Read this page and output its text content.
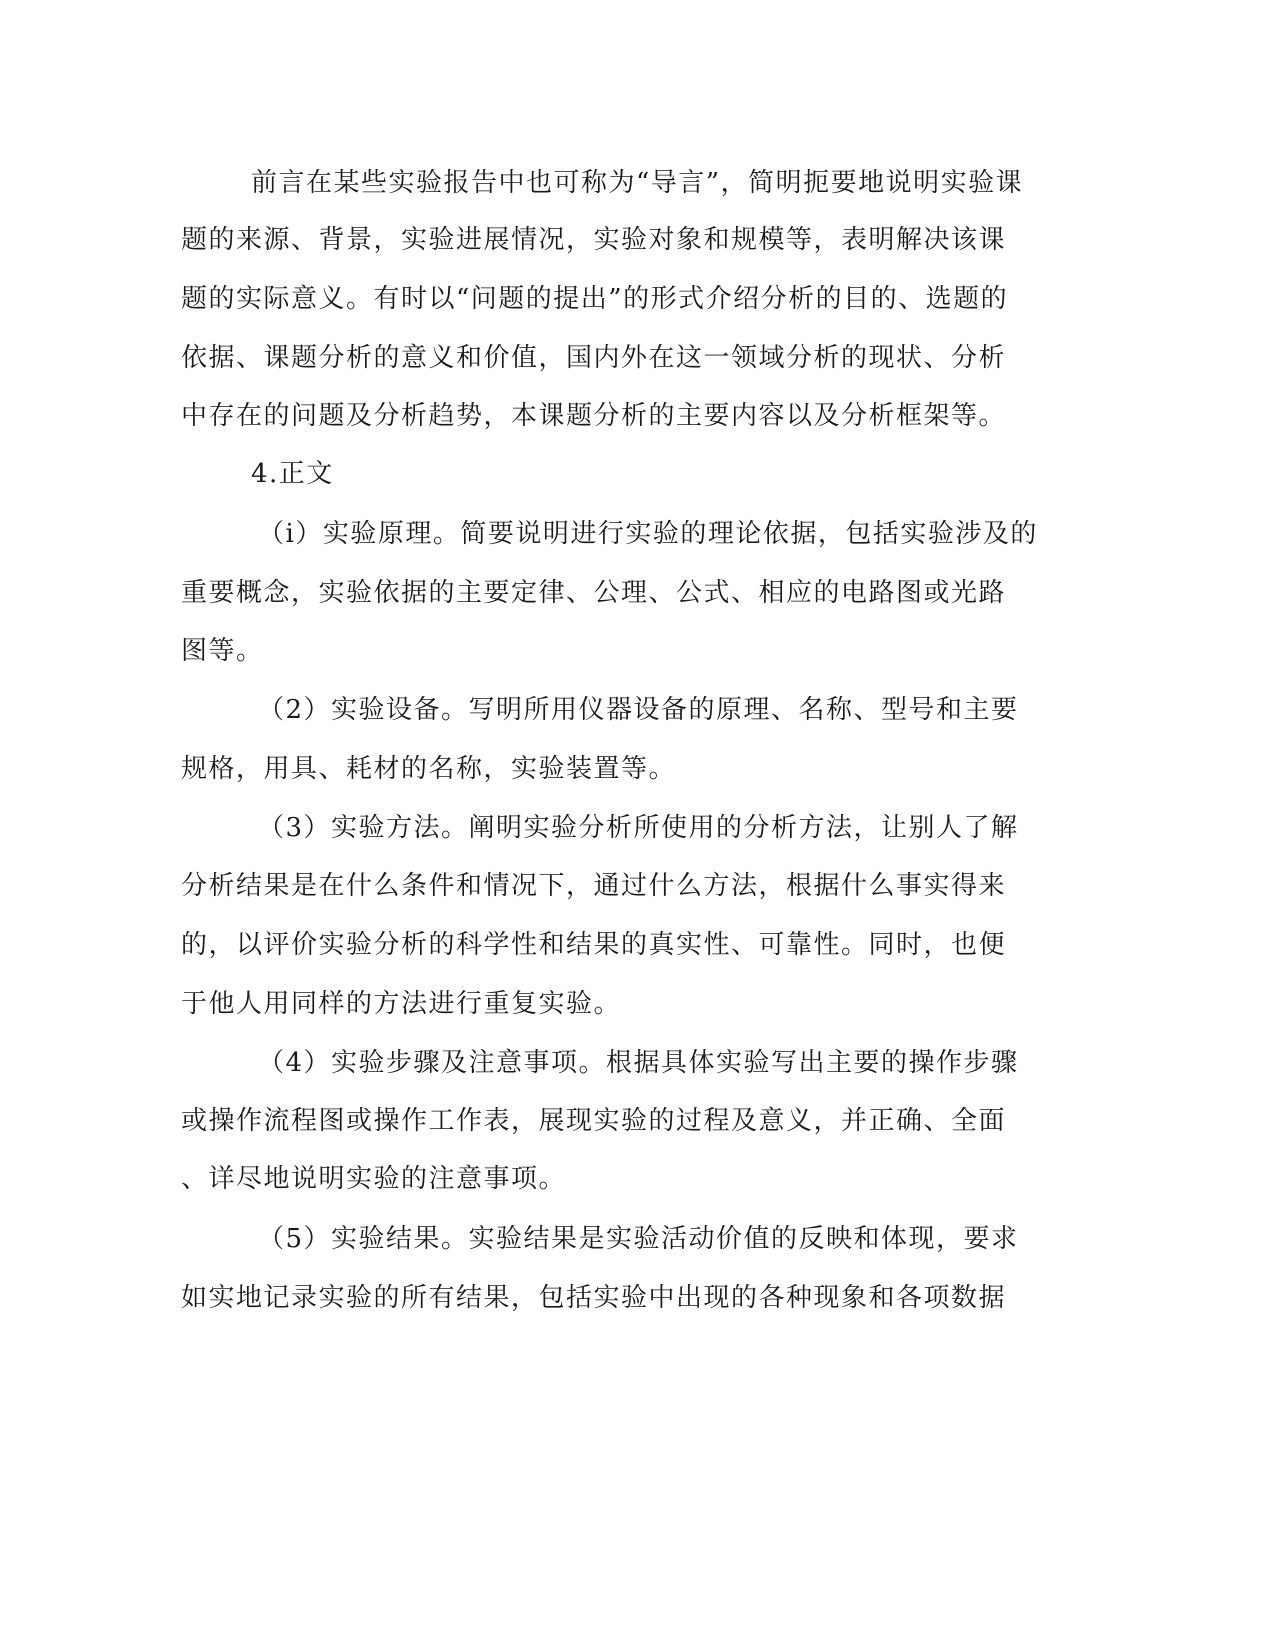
前言在某些实验报告中也可称为“导言”，简明扼要地说明实验课

题的来源、背景，实验进展情况，实验对象和规模等，表明解决该课

题的实际意义。有时以“问题的提出”的形式介绍分析的目的、选题的

依据、课题分析的意义和价值，国内外在这一领域分析的现状、分析

中存在的问题及分析趋势，本课题分析的主要内容以及分析框架等。

4.正文

（i）实验原理。简要说明进行实验的理论依据，包括实验涉及的

重要概念，实验依据的主要定律、公理、公式、相应的电路图或光路

图等。

（2）实验设备。写明所用仪器设备的原理、名称、型号和主要

规格，用具、耗材的名称，实验装置等。

（3）实验方法。阐明实验分析所使用的分析方法，让别人了解

分析结果是在什么条件和情况下，通过什么方法，根据什么事实得来

的，以评价实验分析的科学性和结果的真实性、可靠性。同时，也便

于他人用同样的方法进行重复实验。

（4）实验步骤及注意事项。根据具体实验写出主要的操作步骤

或操作流程图或操作工作表，展现实验的过程及意义，并正确、全面

、详尽地说明实验的注意事项。

（5）实验结果。实验结果是实验活动价值的反映和体现，要求

如实地记录实验的所有结果，包括实验中出现的各种现象和各项数据
